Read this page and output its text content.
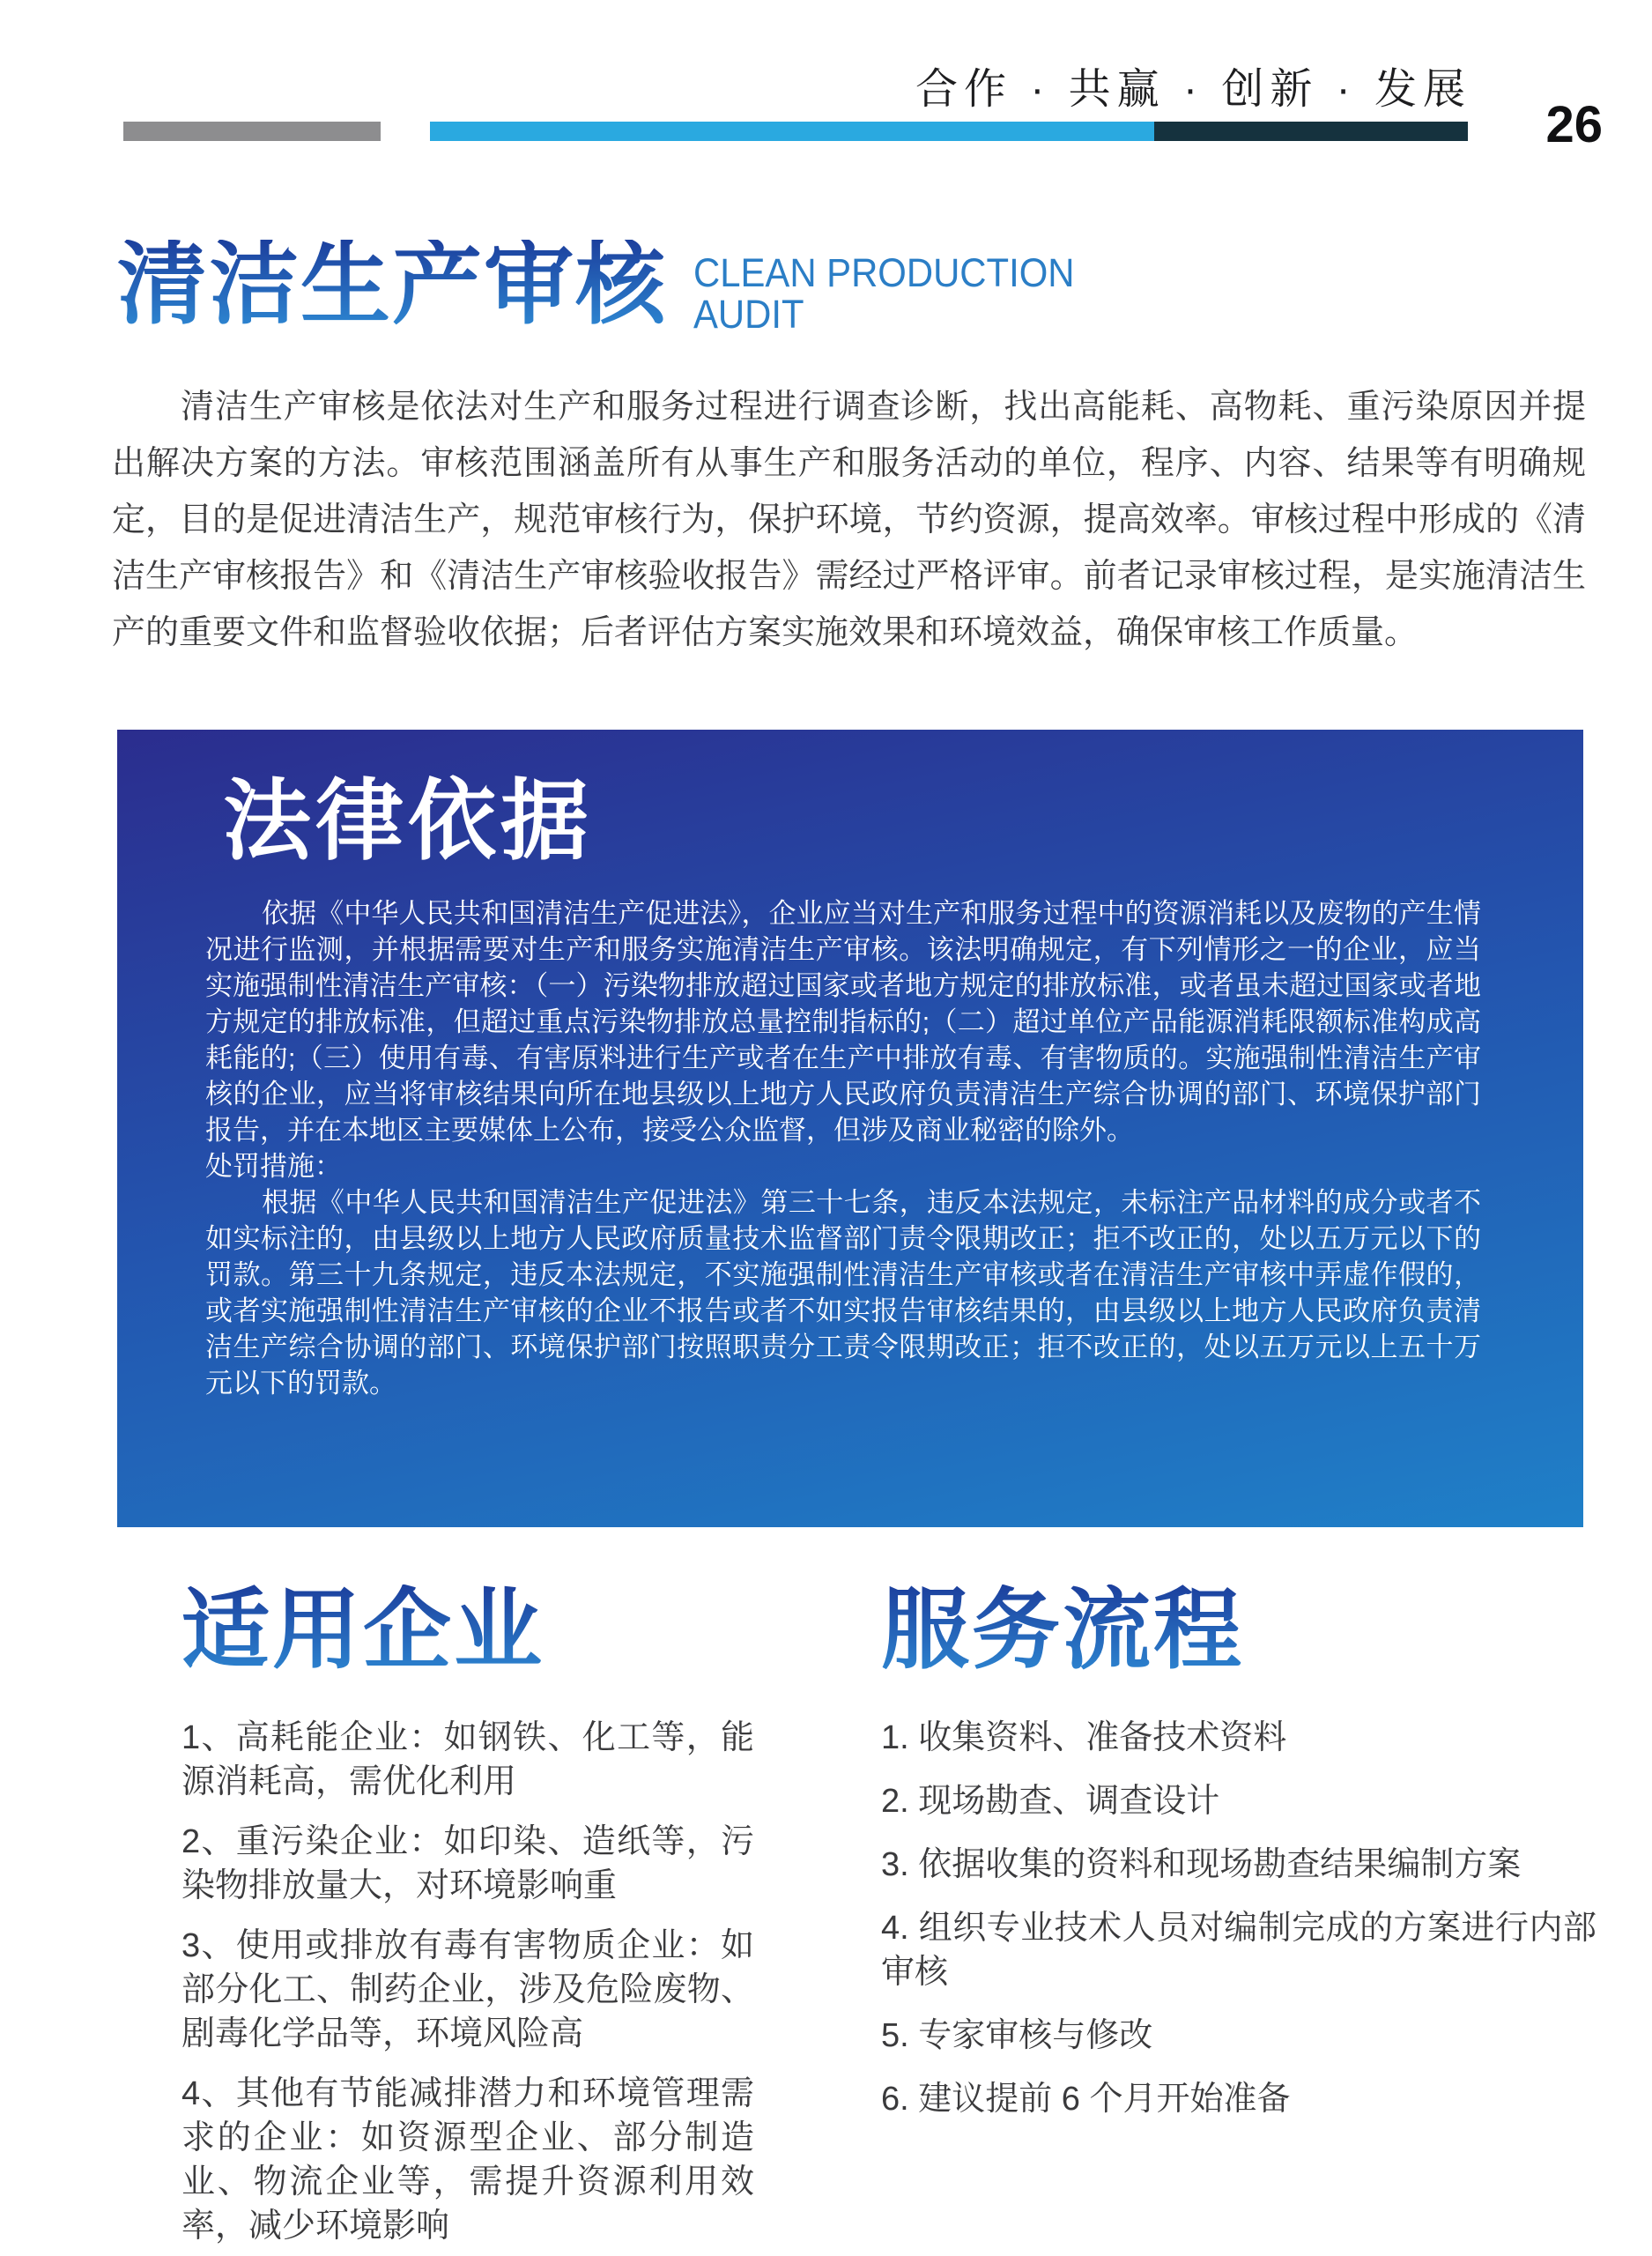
合作 · 共赢 · 创新 · 发展
26
清洁生产审核 CLEAN PRODUCTION
AUDIT
清洁生产审核是依法对生产和服务过程进行调查诊断，找出高能耗、高物耗、重污染原因并提出解决方案的方法。审核范围涵盖所有从事生产和服务活动的单位，程序、内容、结果等有明确规定，目的是促进清洁生产，规范审核行为，保护环境，节约资源，提高效率。审核过程中形成的《清洁生产审核报告》和《清洁生产审核验收报告》需经过严格评审。前者记录审核过程，是实施清洁生产的重要文件和监督验收依据；后者评估方案实施效果和环境效益，确保审核工作质量。
法律依据

依据《中华人民共和国清洁生产促进法》，企业应当对生产和服务过程中的资源消耗以及废物的产生情况进行监测，并根据需要对生产和服务实施清洁生产审核。该法明确规定，有下列情形之一的企业，应当实施强制性清洁生产审核：（一）污染物排放超过国家或者地方规定的排放标准，或者虽未超过国家或者地方规定的排放标准，但超过重点污染物排放总量控制指标的;（二）超过单位产品能源消耗限额标准构成高耗能的;（三）使用有毒、有害原料进行生产或者在生产中排放有毒、有害物质的。实施强制性清洁生产审核的企业，应当将审核结果向所在地县级以上地方人民政府负责清洁生产综合协调的部门、环境保护部门报告，并在本地区主要媒体上公布，接受公众监督，但涉及商业秘密的除外。

处罚措施：

根据《中华人民共和国清洁生产促进法》第三十七条，违反本法规定，未标注产品材料的成分或者不如实标注的，由县级以上地方人民政府质量技术监督部门责令限期改正；拒不改正的，处以五万元以下的罚款。第三十九条规定，违反本法规定，不实施强制性清洁生产审核或者在清洁生产审核中弄虚作假的，或者实施强制性清洁生产审核的企业不报告或者不如实报告审核结果的，由县级以上地方人民政府负责清洁生产综合协调的部门、环境保护部门按照职责分工责令限期改正；拒不改正的，处以五万元以上五十万元以下的罚款。

适用企业
1、高耗能企业：如钢铁、化工等，能源消耗高，需优化利用
2、重污染企业：如印染、造纸等，污染物排放量大，对环境影响重
3、使用或排放有毒有害物质企业：如部分化工、制药企业，涉及危险废物、剧毒化学品等，环境风险高
4、其他有节能减排潜力和环境管理需求的企业：如资源型企业、部分制造业、物流企业等，需提升资源利用效率，减少环境影响
服务流程
1. 收集资料、准备技术资料
2. 现场勘查、调查设计
3. 依据收集的资料和现场勘查结果编制方案
4. 组织专业技术人员对编制完成的方案进行内部审核
5. 专家审核与修改
6. 建议提前 6 个月开始准备
